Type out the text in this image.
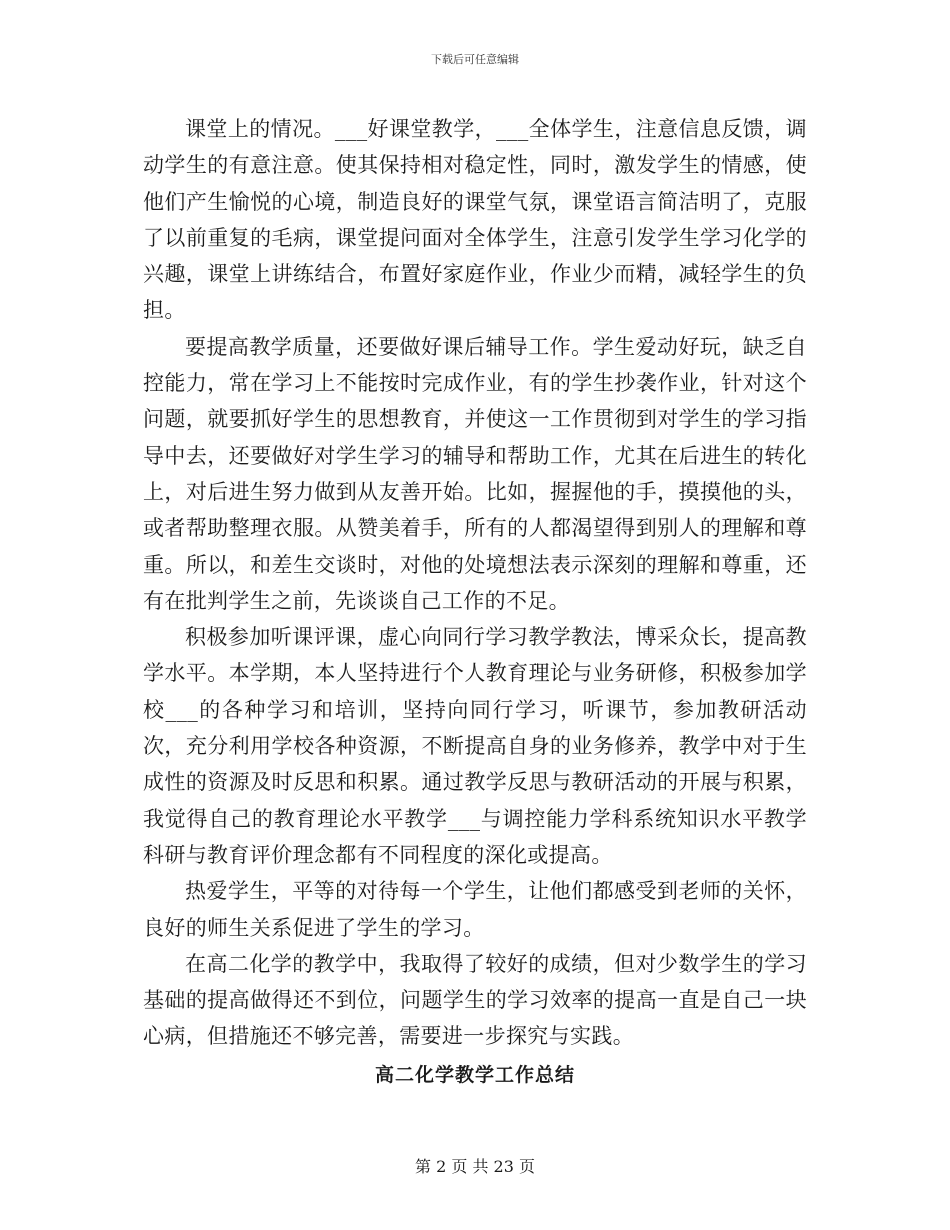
下载后可任意编辑

课堂上的情况。___好课堂教学，___全体学生，注意信息反馈，调动学生的有意注意。使其保持相对稳定性，同时，激发学生的情感，使他们产生愉悦的心境，制造良好的课堂气氛，课堂语言简洁明了，克服了以前重复的毛病，课堂提问面对全体学生，注意引发学生学习化学的兴趣，课堂上讲练结合，布置好家庭作业，作业少而精，减轻学生的负担。

要提高教学质量，还要做好课后辅导工作。学生爱动好玩，缺乏自控能力，常在学习上不能按时完成作业，有的学生抄袭作业，针对这个问题，就要抓好学生的思想教育，并使这一工作贯彻到对学生的学习指导中去，还要做好对学生学习的辅导和帮助工作，尤其在后进生的转化上，对后进生努力做到从友善开始。比如，握握他的手，摸摸他的头，或者帮助整理衣服。从赞美着手，所有的人都渴望得到别人的理解和尊重。所以，和差生交谈时，对他的处境想法表示深刻的理解和尊重，还有在批判学生之前，先谈谈自己工作的不足。

积极参加听课评课，虚心向同行学习教学教法，博采众长，提高教学水平。本学期，本人坚持进行个人教育理论与业务研修，积极参加学校___的各种学习和培训，坚持向同行学习，听课节，参加教研活动次，充分利用学校各种资源，不断提高自身的业务修养，教学中对于生成性的资源及时反思和积累。通过教学反思与教研活动的开展与积累，我觉得自己的教育理论水平教学___与调控能力学科系统知识水平教学科研与教育评价理念都有不同程度的深化或提高。

热爱学生，平等的对待每一个学生，让他们都感受到老师的关怀，良好的师生关系促进了学生的学习。

在高二化学的教学中，我取得了较好的成绩，但对少数学生的学习基础的提高做得还不到位，问题学生的学习效率的提高一直是自己一块心病，但措施还不够完善，需要进一步探究与实践。

高二化学教学工作总结
第 2 页 共 23 页
